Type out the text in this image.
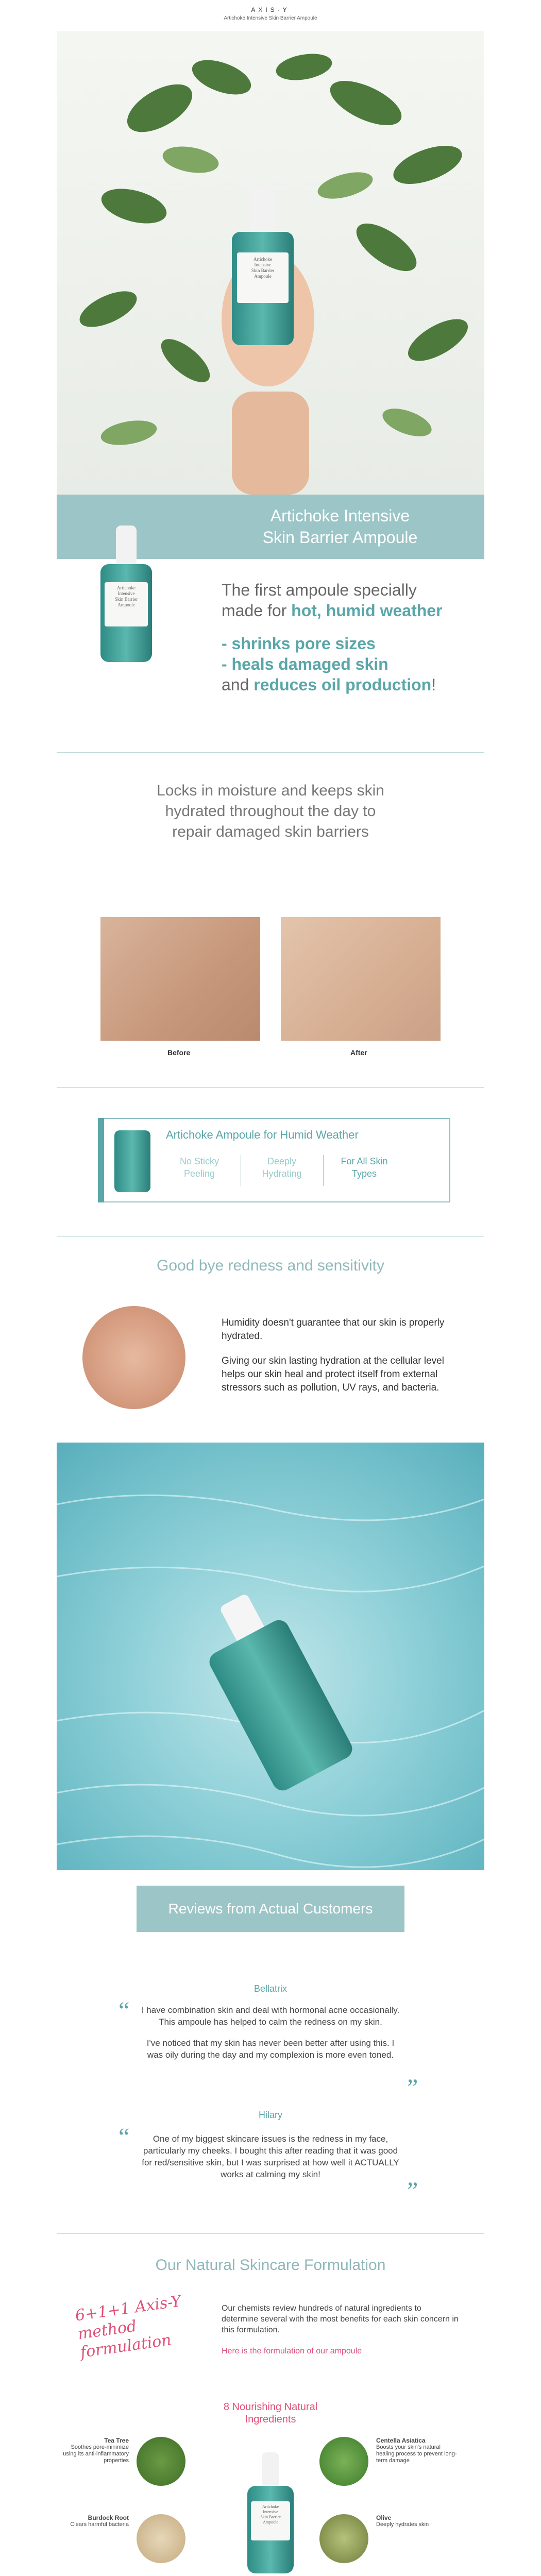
AXIS-Y
Artichoke Intensive Skin Barrier Ampoule
Artichoke
Intensive
Skin Barrier
Ampoule
Artichoke Intensive
Skin Barrier Ampoule
Artichoke
Intensive
Skin Barrier
Ampoule
The first ampoule specially
made for hot, humid weather
- shrinks pore sizes
- heals damaged skin
and reduces oil production!
Locks in moisture and keeps skin
hydrated throughout the day to
repair damaged skin barriers
Before	After
Artichoke Ampoule for Humid Weather
No Sticky Peeling
Deeply Hydrating
For All Skin Types
Good bye redness and sensitivity
Humidity doesn't guarantee that our skin is properly hydrated.
Giving our skin lasting hydration at the cellular level helps our skin heal and protect itself from external stressors such as pollution, UV rays, and bacteria.
Reviews from Actual Customers
Bellatrix
“ I have combination skin and deal with hormonal acne occasionally. This ampoule has helped to calm the redness on my skin.
I've noticed that my skin has never been better after using this. I was oily during the day and my complexion is more even toned.
”
Hilary
“	One of my biggest skincare issues is the redness in my face, particularly my cheeks. I bought this after reading that it was good for red/sensitive skin, but I was surprised at how well it ACTUALLY works at calming my skin!
”
Our Natural Skincare Formulation
6+1+1 Axis-Y method formulation
Our chemists review hundreds of natural ingredients to determine several with the most benefits for each skin concern in this formulation.
Here is the formulation of our ampoule
8 Nourishing Natural Ingredients
Tea Tree
Soothes pore-minimize using its anti-inflammatory properties
Burdock Root
Clears harmful bacteria
Artichoke
Intensive
Skin Barrier
Ampoule
Centella Asiatica
Boosts your skin's natural healing process to prevent long-term damage
Olive
Deeply hydrates skin
